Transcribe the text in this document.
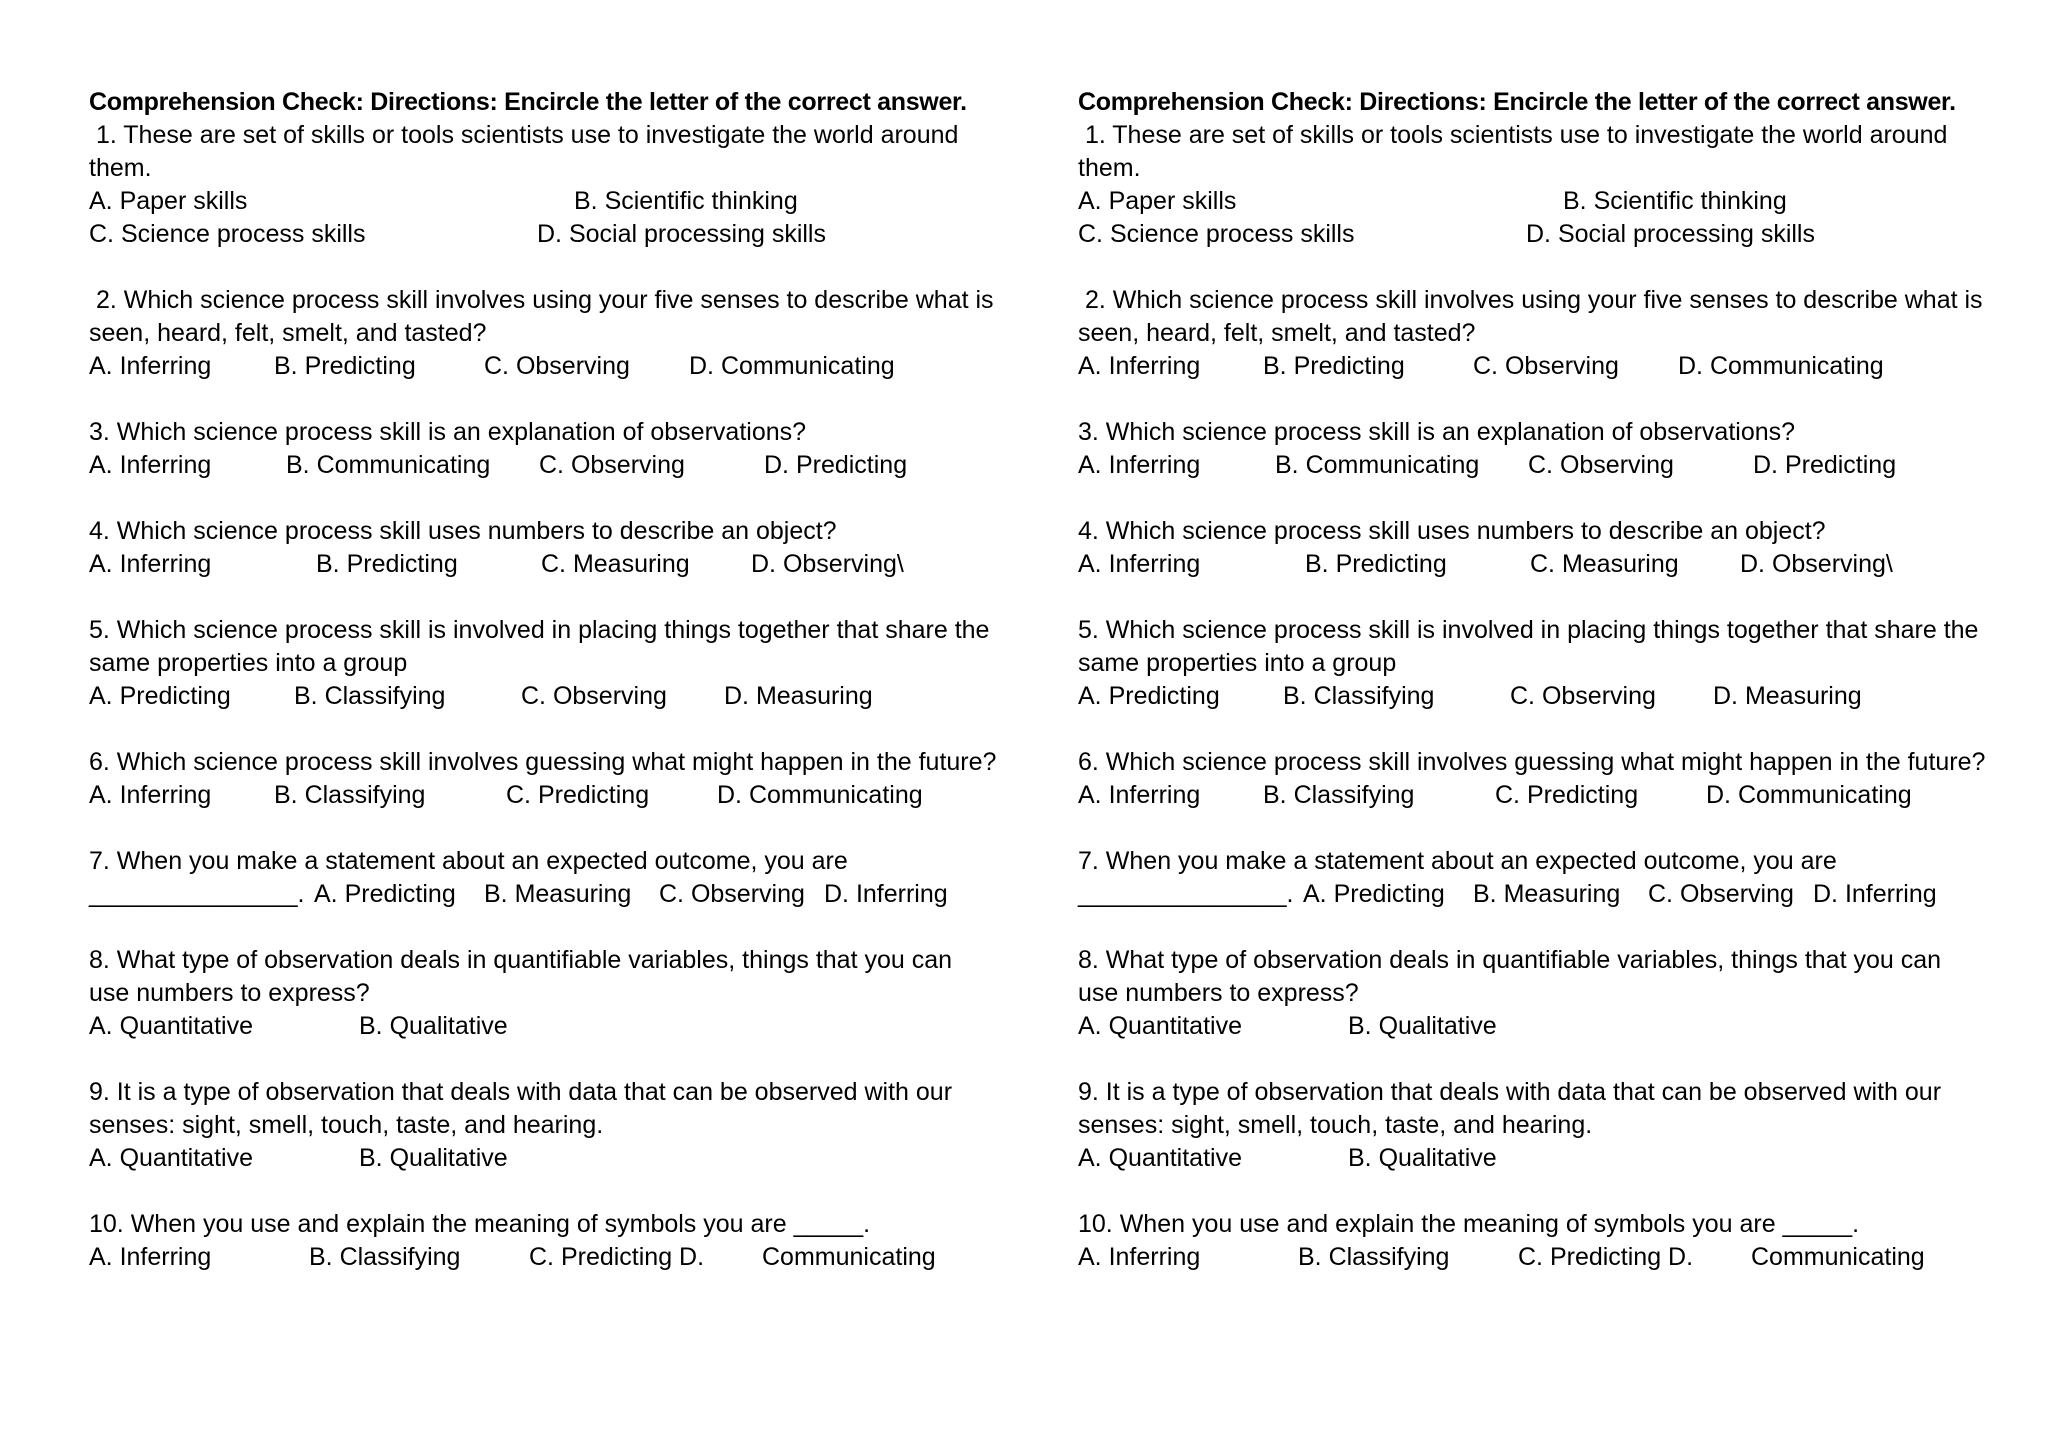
Comprehension Check: Directions: Encircle the letter of the correct answer.
1. These are set of skills or tools scientists use to investigate the world around
them.
A. Paper skills	B. Scientific thinking
C. Science process skills	D. Social processing skills
2. Which science process skill involves using your five senses to describe what is
seen, heard, felt, smelt, and tasted?
A. Inferring	B. Predicting	C. Observing D. Communicating
3. Which science process skill is an explanation of observations?
A. Inferring	B. Communicating C. Observing	D. Predicting
4. Which science process skill uses numbers to describe an object?
A. Inferring	B. Predicting	C. Measuring D. Observing\
5. Which science process skill is involved in placing things together that share the
same properties into a group
A. Predicting	B. Classifying	C. Observing D. Measuring
6. Which science process skill involves guessing what might happen in the future?
A. Inferring	B. Classifying	C. Predicting	D. Communicating
7. When you make a statement about an expected outcome, you are
_______________. A. Predicting B. Measuring C. Observing D. Inferring
8. What type of observation deals in quantifiable variables, things that you can
use numbers to express?
A. Quantitative	B. Qualitative
9. It is a type of observation that deals with data that can be observed with our
senses: sight, smell, touch, taste, and hearing.
A. Quantitative	B. Qualitative
10. When you use and explain the meaning of symbols you are _____.
A. Inferring	B. Classifying	C. Predicting D. Communicating
Comprehension Check: Directions: Encircle the letter of the correct answer.
1. These are set of skills or tools scientists use to investigate the world around
them.
A. Paper skills	B. Scientific thinking
C. Science process skills	D. Social processing skills
2. Which science process skill involves using your five senses to describe what is
seen, heard, felt, smelt, and tasted?
A. Inferring	B. Predicting	C. Observing D. Communicating
3. Which science process skill is an explanation of observations?
A. Inferring	B. Communicating C. Observing	D. Predicting
4. Which science process skill uses numbers to describe an object?
A. Inferring	B. Predicting	C. Measuring D. Observing\
5. Which science process skill is involved in placing things together that share the
same properties into a group
A. Predicting	B. Classifying	C. Observing D. Measuring
6. Which science process skill involves guessing what might happen in the future?
A. Inferring	B. Classifying	C. Predicting	D. Communicating
7. When you make a statement about an expected outcome, you are
_______________. A. Predicting B. Measuring C. Observing D. Inferring
8. What type of observation deals in quantifiable variables, things that you can
use numbers to express?
A. Quantitative	B. Qualitative
9. It is a type of observation that deals with data that can be observed with our
senses: sight, smell, touch, taste, and hearing.
A. Quantitative	B. Qualitative
10. When you use and explain the meaning of symbols you are _____.
A. Inferring	B. Classifying	C. Predicting D. Communicating
